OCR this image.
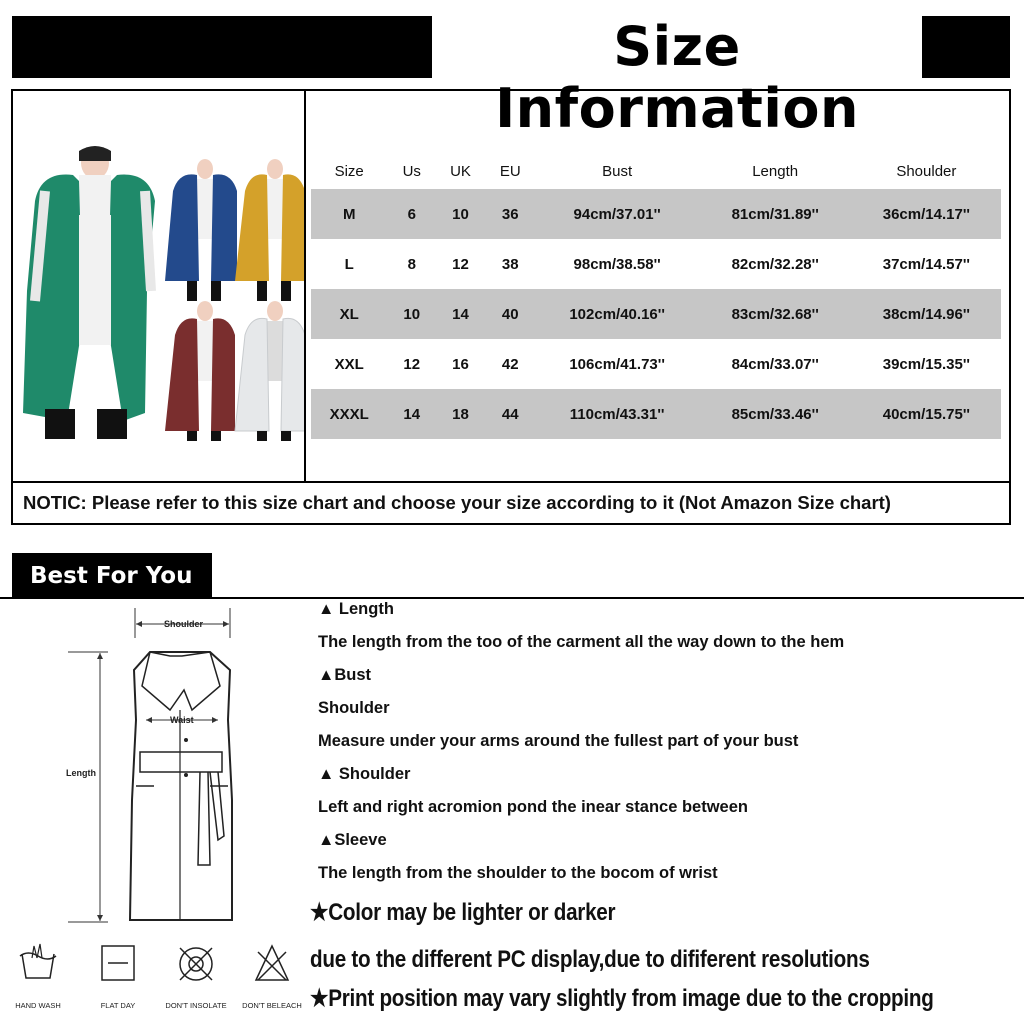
Size Information
Size	Us	UK	EU	Bust	Length	Shoulder
M	6	10	36	94cm/37.01''	81cm/31.89''	36cm/14.17''
L	8	12	38	98cm/38.58''	82cm/32.28''	37cm/14.57''
XL	10	14	40	102cm/40.16''	83cm/32.68''	38cm/14.96''
XXL	12	16	42	106cm/41.73''	84cm/33.07''	39cm/15.35''
XXXL	14	18	44	110cm/43.31''	85cm/33.46''	40cm/15.75''
NOTIC: Please refer to this size chart and choose your size according to it (Not Amazon Size chart)
Best For You
Shoulder
Waist
Length
HAND WASH	FLAT DAY	DON'T INSOLATE DON'T BELEACH
▲ Length
The length from the too of the carment all the way down to the hem
▲Bust
Shoulder
Measure under your arms around the fullest part of your bust
▲ Shoulder
Left and right acromion pond the inear stance between
▲Sleeve
The length from the shoulder to the bocom of wrist
★Color may be lighter or darker
due to the different PC display,due to dififerent resolutions
★Print position may vary slightly from image due to the cropping
